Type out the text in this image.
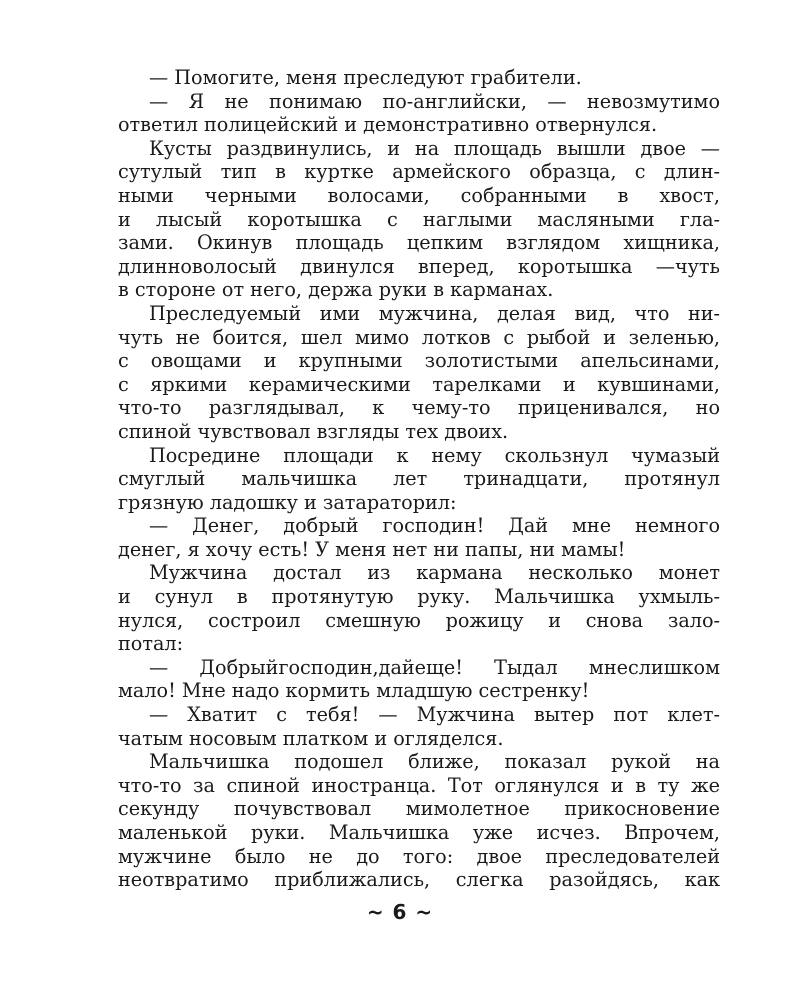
— Помогите, меня преследуют грабители.
— Я не понимаю по-английски, — невозмутимо
ответил полицейский и демонстративно отвернулся.
Кусты раздвинулись, и на площадь вышли двое —
сутулый тип в куртке армейского образца, с длин-
ными черными волосами, собранными в хвост,
и лысый коротышка с наглыми масляными гла-
зами. Окинув площадь цепким взглядом хищника,
длинноволосый двинулся вперед, коротышка —чуть
в стороне от него, держа руки в карманах.
Преследуемый ими мужчина, делая вид, что ни-
чуть не боится, шел мимо лотков с рыбой и зеленью,
с овощами и крупными золотистыми апельсинами,
с яркими керамическими тарелками и кувшинами,
что-то разглядывал, к чему-то приценивался, но
спиной чувствовал взгляды тех двоих.
Посредине площади к нему скользнул чумазый
смуглый мальчишка лет тринадцати, протянул
грязную ладошку и затараторил:
— Денег, добрый господин! Дай мне немного
денег, я хочу есть! У меня нет ни папы, ни мамы!
Мужчина достал из кармана несколько монет
и сунул в протянутую руку. Мальчишка ухмыль-
нулся, состроил смешную рожицу и снова зало-
потал:
— Добрыйгосподин,дайеще! Тыдал мнеслишком
мало! Мне надо кормить младшую сестренку!
— Хватит с тебя! — Мужчина вытер пот клет-
чатым носовым платком и огляделся.
Мальчишка подошел ближе, показал рукой на
что-то за спиной иностранца. Тот оглянулся и в ту же
секунду почувствовал мимолетное прикосновение
маленькой руки. Мальчишка уже исчез. Впрочем,
мужчине было не до того: двое преследователей
неотвратимо приближались, слегка разойдясь, как
~ 6 ~
